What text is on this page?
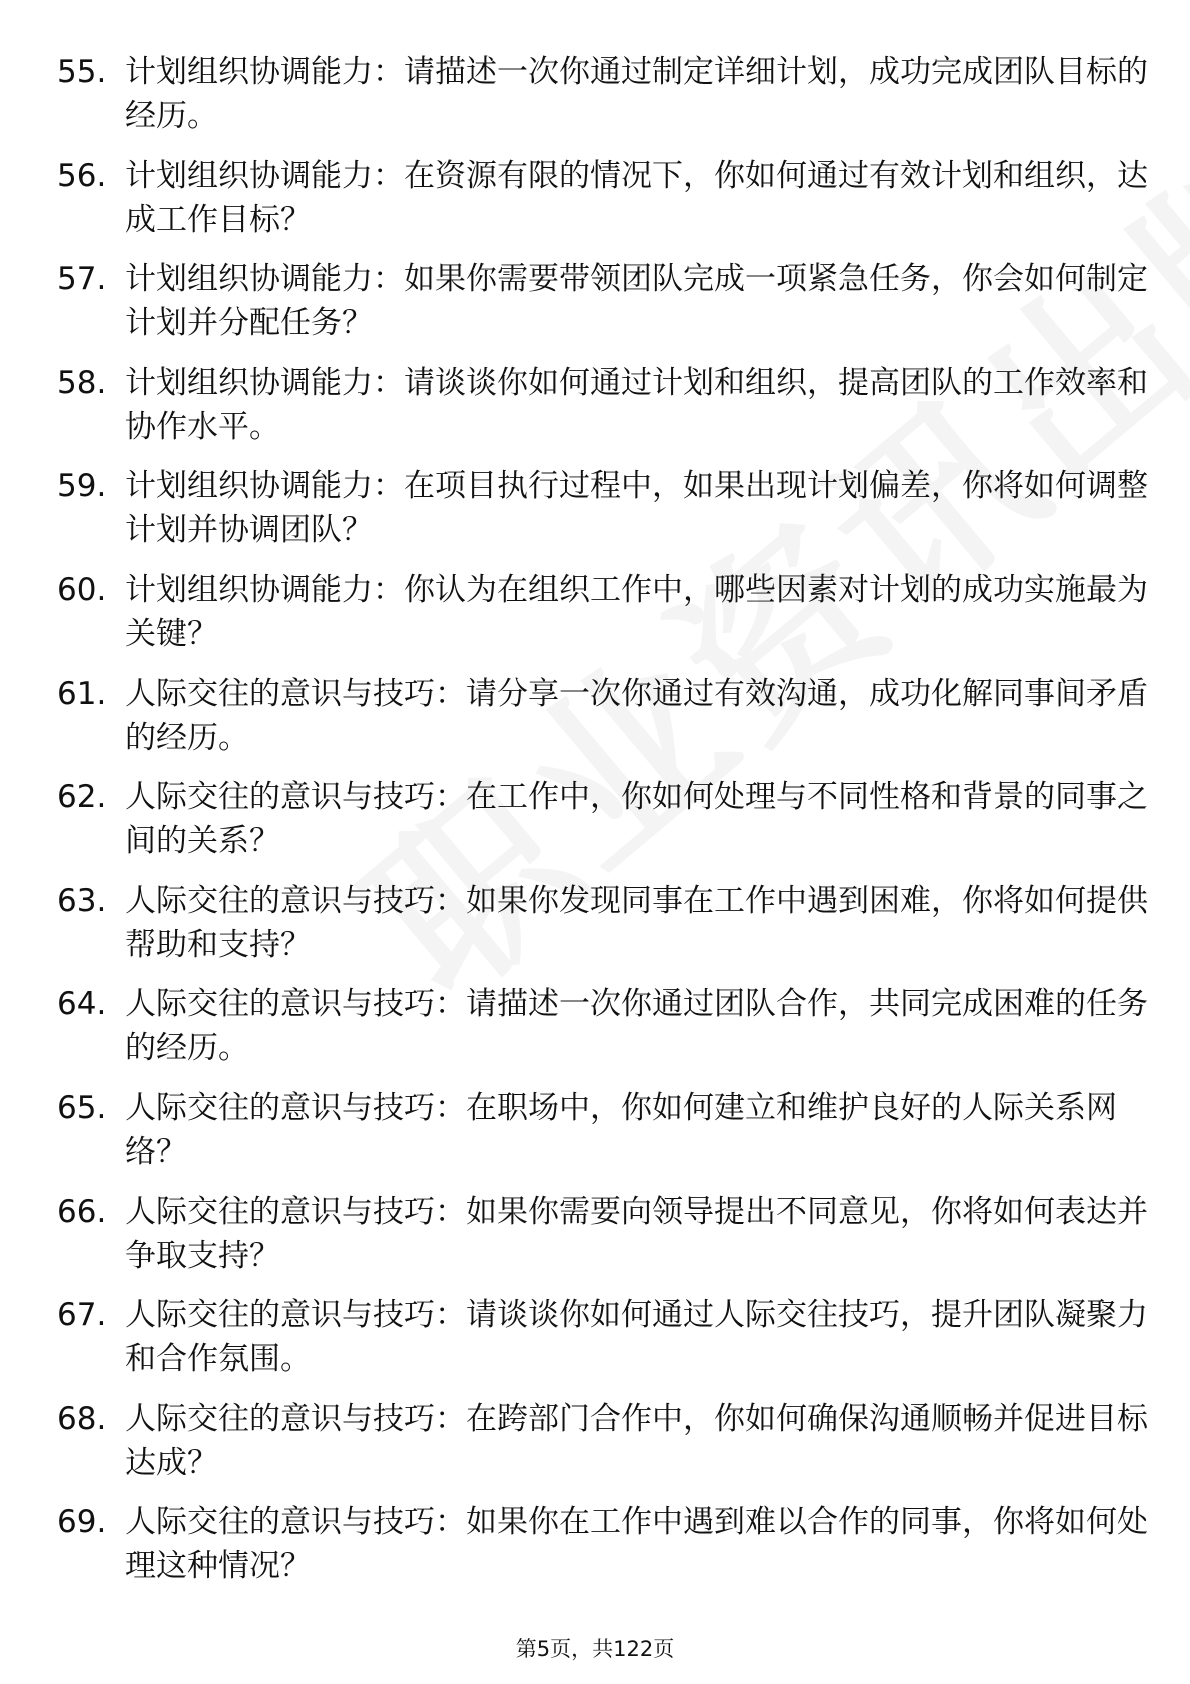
55. 计划组织协调能力：请描述一次你通过制定详细计划，成功完成团队目标的经历。
56. 计划组织协调能力：在资源有限的情况下，你如何通过有效计划和组织，达成工作目标？
57. 计划组织协调能力：如果你需要带领团队完成一项紧急任务，你会如何制定计划并分配任务？
58. 计划组织协调能力：请谈谈你如何通过计划和组织，提高团队的工作效率和协作水平。
59. 计划组织协调能力：在项目执行过程中，如果出现计划偏差，你将如何调整计划并协调团队？
60. 计划组织协调能力：你认为在组织工作中，哪些因素对计划的成功实施最为关键？
61. 人际交往的意识与技巧：请分享一次你通过有效沟通，成功化解同事间矛盾的经历。
62. 人际交往的意识与技巧：在工作中，你如何处理与不同性格和背景的同事之间的关系？
63. 人际交往的意识与技巧：如果你发现同事在工作中遇到困难，你将如何提供帮助和支持？
64. 人际交往的意识与技巧：请描述一次你通过团队合作，共同完成困难的任务的经历。
65. 人际交往的意识与技巧：在职场中，你如何建立和维护良好的人际关系网络？
66. 人际交往的意识与技巧：如果你需要向领导提出不同意见，你将如何表达并争取支持？
67. 人际交往的意识与技巧：请谈谈你如何通过人际交往技巧，提升团队凝聚力和合作氛围。
68. 人际交往的意识与技巧：在跨部门合作中，你如何确保沟通顺畅并促进目标达成？
69. 人际交往的意识与技巧：如果你在工作中遇到难以合作的同事，你将如何处理这种情况？
第5页，共122页
